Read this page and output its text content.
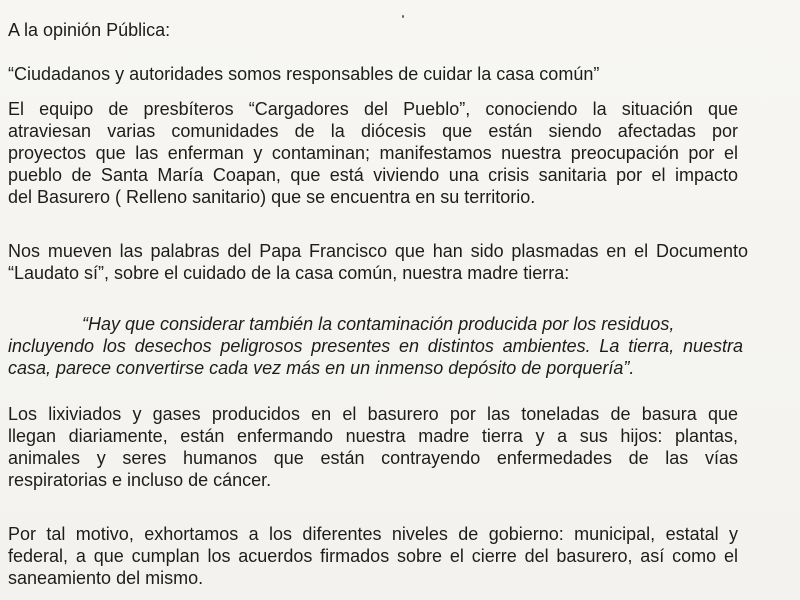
A la opinión Pública:
“Ciudadanos y autoridades somos responsables de cuidar la casa común”
El equipo de presbíteros “Cargadores del Pueblo”, conociendo la situación que
atraviesan varias comunidades de la diócesis que están siendo afectadas por
proyectos que las enferman y contaminan; manifestamos nuestra preocupación por el
pueblo de Santa María Coapan, que está viviendo una crisis sanitaria por el impacto
del Basurero ( Relleno sanitario) que se encuentra en su territorio.
Nos mueven las palabras del Papa Francisco que han sido plasmadas en el Documento
“Laudato sí”, sobre el cuidado de la casa común, nuestra madre tierra:
“Hay que considerar también la contaminación producida por los residuos,
incluyendo los desechos peligrosos presentes en distintos ambientes. La tierra, nuestra
casa, parece convertirse cada vez más en un inmenso depósito de porquería”.
Los lixiviados y gases producidos en el basurero por las toneladas de basura que
llegan diariamente, están enfermando nuestra madre tierra y a sus hijos: plantas,
animales y seres humanos que están contrayendo enfermedades de las vías
respiratorias e incluso de cáncer.
Por tal motivo, exhortamos a los diferentes niveles de gobierno: municipal, estatal y
federal, a que cumplan los acuerdos firmados sobre el cierre del basurero, así como el
saneamiento del mismo.
